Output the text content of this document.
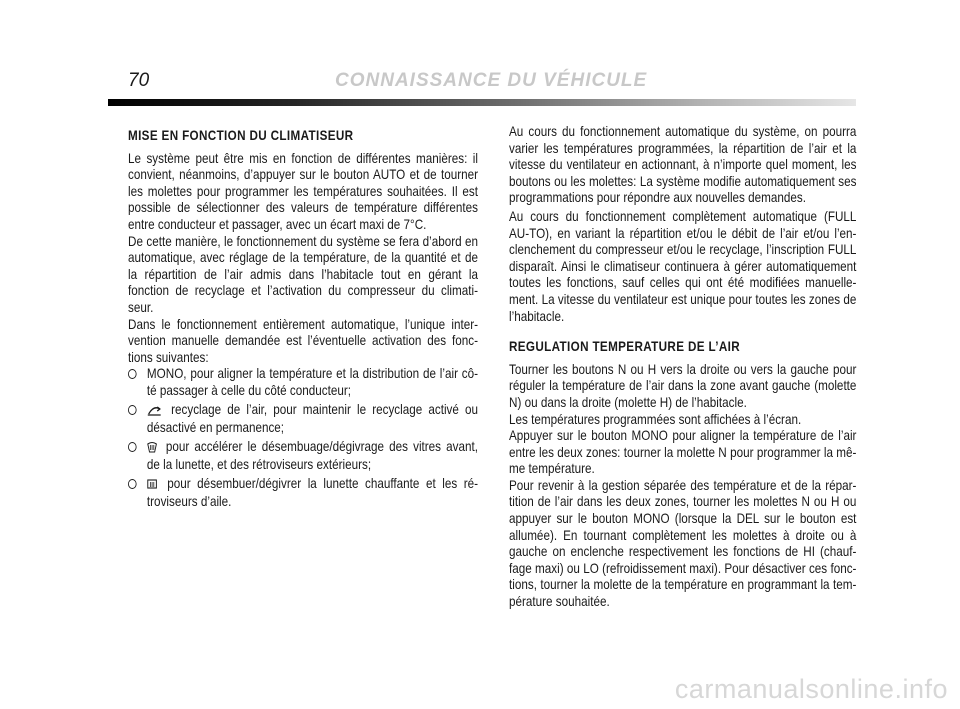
70	CONNAISSANCE DU VÉHICULE
MISE EN FONCTION DU CLIMATISEUR

Le système peut être mis en fonction de différentes manières: il convient, néanmoins, d’appuyer sur le bouton AUTO et de tourner les molettes pour programmer les températures souhaitées. Il est possible de sélectionner des valeurs de température différentes entre conducteur et passager, avec un écart maxi de 7°C.

De cette manière, le fonctionnement du système se fera d’abord en automatique, avec réglage de la température, de la quantité et de la répartition de l’air admis dans l’habitacle tout en gérant la fonction de recyclage et l’activation du compresseur du climati-seur.

Dans le fonctionnement entièrement automatique, l’unique inter-vention manuelle demandée est l’éventuelle activation des fonc-tions suivantes:

MONO, pour aligner la température et la distribution de l’air cô-té passager à celle du côté conducteur;
recyclage de l’air, pour maintenir le recyclage activé ou désactivé en permanence;
pour accélérer le désembuage/dégivrage des vitres avant, de la lunette, et des rétroviseurs extérieurs;
pour désembuer/dégivrer la lunette chauffante et les ré-troviseurs d’aile.

Au cours du fonctionnement automatique du système, on pourra varier les températures programmées, la répartition de l’air et la vitesse du ventilateur en actionnant, à n’importe quel moment, les boutons ou les molettes: La système modifie automatiquement ses programmations pour répondre aux nouvelles demandes.

Au cours du fonctionnement complètement automatique (FULL AU-TO), en variant la répartition et/ou le débit de l’air et/ou l’en-clenchement du compresseur et/ou le recyclage, l’inscription FULL disparaît. Ainsi le climatiseur continuera à gérer automatiquement toutes les fonctions, sauf celles qui ont été modifiées manuelle-ment. La vitesse du ventilateur est unique pour toutes les zones de l’habitacle.

REGULATION TEMPERATURE DE L’AIR

Tourner les boutons N ou H vers la droite ou vers la gauche pour réguler la température de l’air dans la zone avant gauche (molette N) ou dans la droite (molette H) de l’habitacle.

Les températures programmées sont affichées à l’écran.

Appuyer sur le bouton MONO pour aligner la température de l’air entre les deux zones: tourner la molette N pour programmer la mê-me température.

Pour revenir à la gestion séparée des température et de la répar-tition de l’air dans les deux zones, tourner les molettes N ou H ou appuyer sur le bouton MONO (lorsque la DEL sur le bouton est allumée). En tournant complètement les molettes à droite ou à gauche on enclenche respectivement les fonctions de HI (chauf-fage maxi) ou LO (refroidissement maxi). Pour désactiver ces fonc-tions, tourner la molette de la température en programmant la tem-pérature souhaitée.

carmanualsonline.info
